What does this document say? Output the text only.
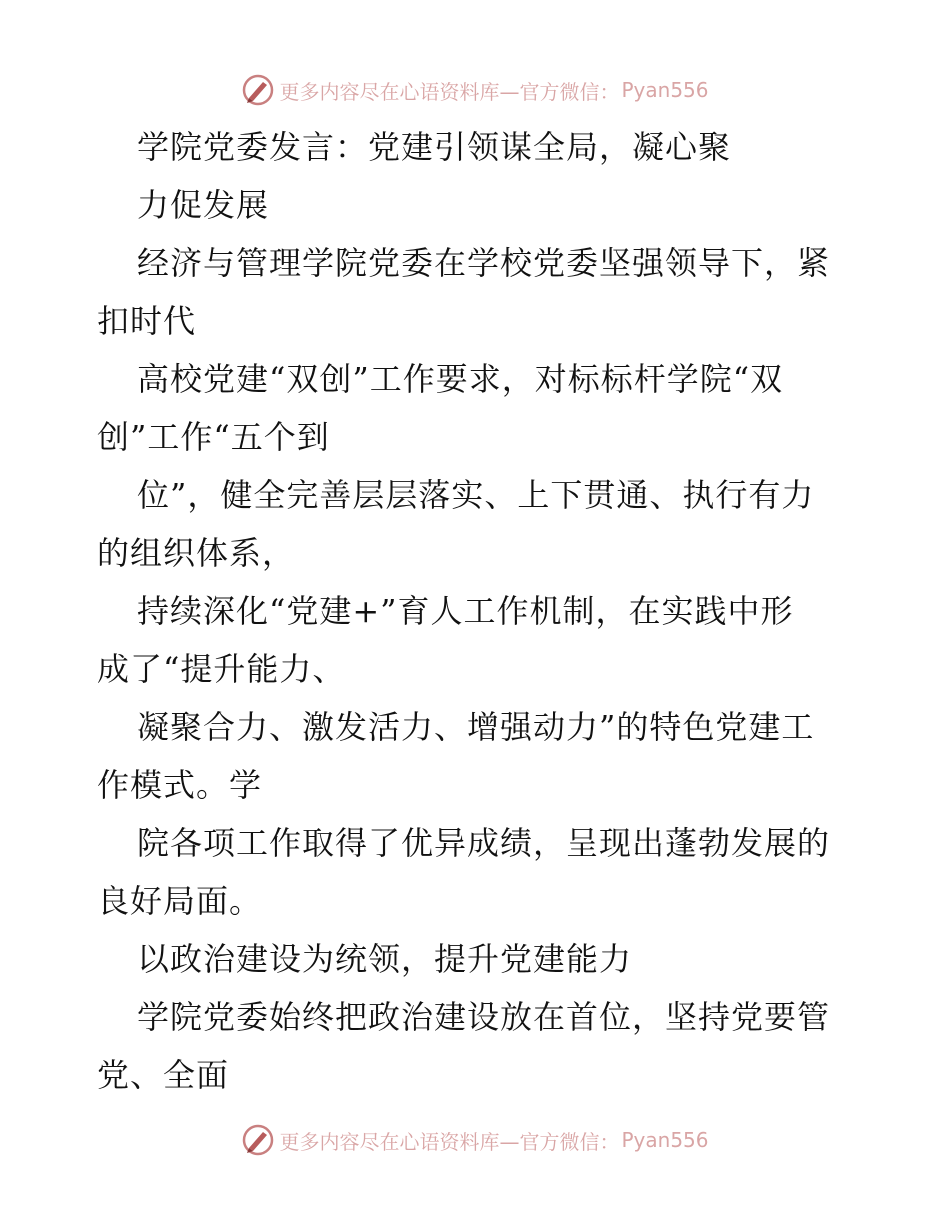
更多内容尽在心语资料库—官方微信： Pyan556
学院党委发言：党建引领谋全局，凝心聚
力促发展
经济与管理学院党委在学校党委坚强领导下，紧
扣时代
高校党建“双创”工作要求，对标标杆学院“双
创”工作“五个到
位”，健全完善层层落实、上下贯通、执行有力
的组织体系，
持续深化“党建+”育人工作机制，在实践中形
成了“提升能力、
凝聚合力、激发活力、增强动力”的特色党建工
作模式。学
院各项工作取得了优异成绩，呈现出蓬勃发展的
良好局面。
以政治建设为统领，提升党建能力
学院党委始终把政治建设放在首位，坚持党要管
党、全面
更多内容尽在心语资料库—官方微信： Pyan556
